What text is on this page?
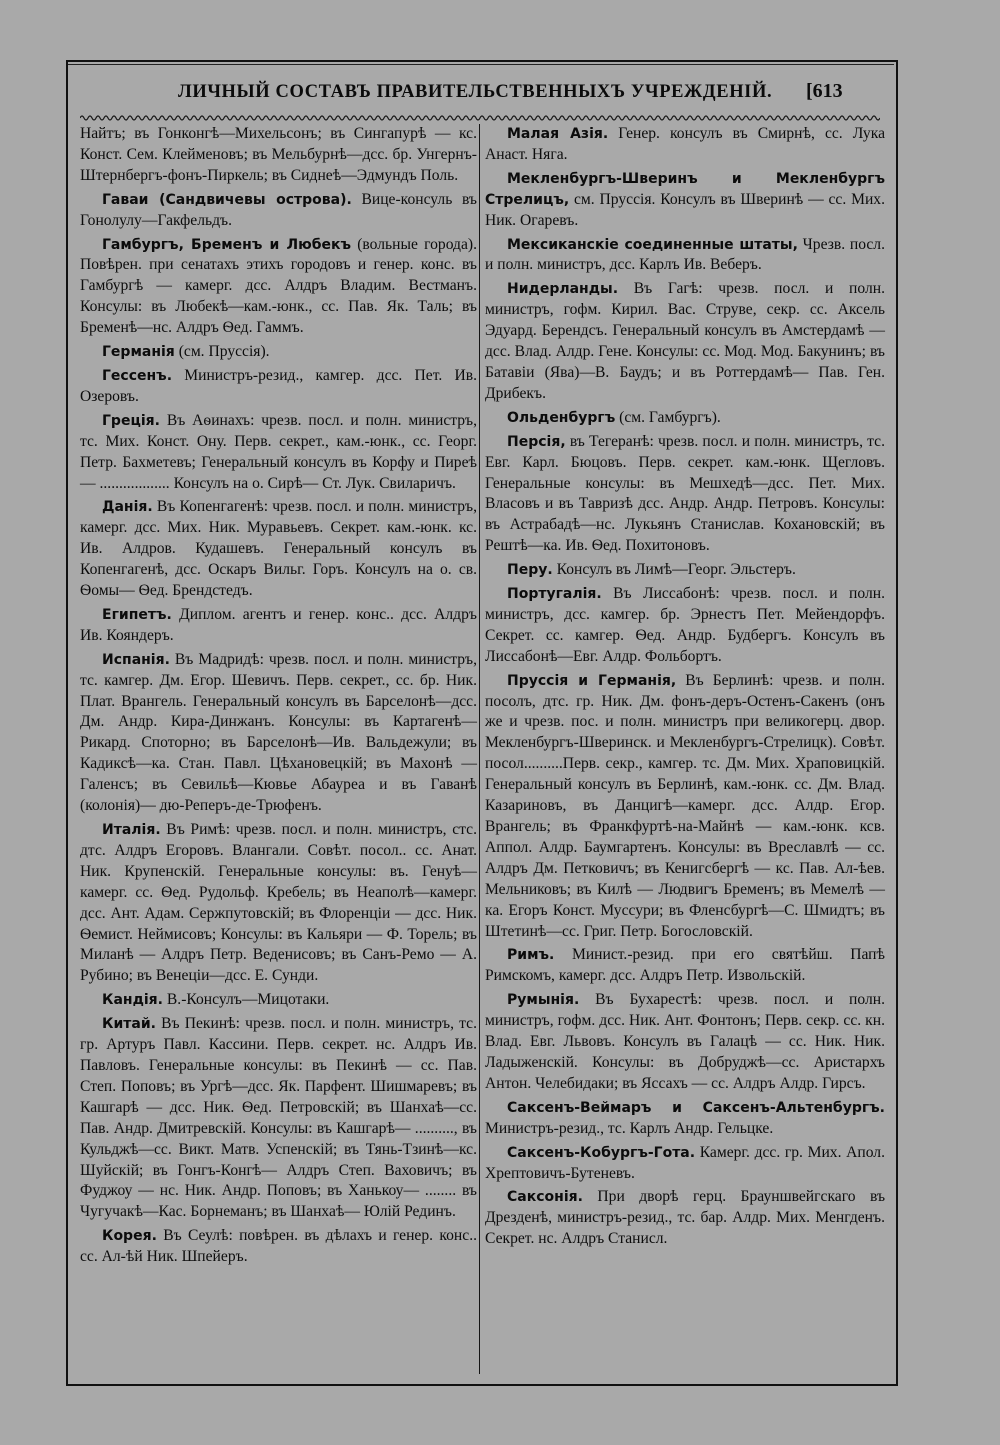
ЛИЧНЫЙ СОСТАВЪ ПРАВИТЕЛЬСТВЕННЫХЪ УЧРЕЖДЕНІЙ. [613

Найтъ; въ Гонконгѣ—Михельсонъ; въ Сингапурѣ — кс. Конст. Сем. Клейменовъ; въ Мельбурнѣ—дсс. бр. Унгернъ-Штернбергъ-фонъ-Пиркель; въ Сиднеѣ—Эдмундъ Поль.

Гаваи (Сандвичевы острова). Вице-консуль въ Гонолулу—Гакфельдъ.

Гамбургъ, Бременъ и Любекъ (вольные города). Повѣрен. при сенатахъ этихъ городовъ и генер. конс. въ Гамбургѣ — камерг. дсс. Алдръ Владим. Вестманъ. Консулы: въ Любекѣ—кам.-юнк., сс. Пав. Як. Таль; въ Бременѣ—нс. Алдръ Ѳед. Гаммъ.

Германія (см. Пруссія).

Гессенъ. Министръ-резид., камгер. дсс. Пет. Ив. Озеровъ.

Греція. Въ Аѳинахъ: чрезв. посл. и полн. министръ, тс. Мих. Конст. Ону. Перв. секрет., кам.-юнк., сс. Георг. Петр. Бахметевъ; Генеральный консулъ въ Корфу и Пиреѣ— .................. Консулъ на о. Сирѣ— Ст. Лук. Свиларичъ.

Данія. Въ Копенгагенѣ: чрезв. посл. и полн. министръ, камерг. дсс. Мих. Ник. Муравьевъ. Секрет. кам.-юнк. кс. Ив. Алдров. Кудашевъ. Генеральный консулъ въ Копенгагенѣ, дсс. Оскаръ Вильг. Горъ. Консулъ на о. св. Ѳомы— Ѳед. Брендстедъ.

Египетъ. Диплом. агентъ и генер. конс.. дсс. Алдръ Ив. Кояндеръ.

Испанія. Въ Мадридѣ: чрезв. посл. и полн. министръ, тс. камгер. Дм. Егор. Шевичъ. Перв. секрет., сс. бр. Ник. Плат. Врангель. Генеральный консулъ въ Барселонѣ—дсс. Дм. Андр. Кира-Динжанъ. Консулы: въ Картагенѣ—Рикард. Споторно; въ Барселонѣ—Ив. Вальдежули; въ Кадиксѣ—ка. Стан. Павл. Цѣхановецкій; въ Махонѣ — Галенсъ; въ Севильѣ—Кювье Абауреа и въ Гаванѣ (колонія)— дю-Реперъ-де-Трюфенъ.

Италія. Въ Римѣ: чрезв. посл. и полн. министръ, стс. дтс. Алдръ Егоровъ. Влангали. Совѣт. посол.. сс. Анат. Ник. Крупенскій. Генеральные консулы: въ. Генуѣ—камерг. сс. Ѳед. Рудольф. Кребель; въ Неаполѣ—камерг. дсс. Ант. Адам. Сержпутовскій; въ Флоренціи — дсс. Ник. Ѳемист. Неймисовъ; Консулы: въ Кальяри — Ф. Торель; въ Миланѣ — Алдръ Петр. Веденисовъ; въ Санъ-Ремо — А. Рубино; въ Венеціи—дсс. Е. Сунди.

Кандія. В.-Консулъ—Мицотаки.

Китай. Въ Пекинѣ: чрезв. посл. и полн. министръ, тс. гр. Артуръ Павл. Кассини. Перв. секрет. нс. Алдръ Ив. Павловъ. Генеральные консулы: въ Пекинѣ — сс. Пав. Степ. Поповъ; въ Ургѣ—дсс. Як. Парфент. Шишмаревъ; въ Кашгарѣ — дсс. Ник. Ѳед. Петровскій; въ Шанхаѣ—сс. Пав. Андр. Дмитревскій. Консулы: въ Кашгарѣ— .........., въ Кульджѣ—сс. Викт. Матв. Успенскій; въ Тянь-Тзинѣ—кс. Шуйскій; въ Гонгъ-Конгѣ— Алдръ Степ. Ваховичъ; въ Фуджоу — нс. Ник. Андр. Поповъ; въ Ханькоу— ........ въ Чугучакѣ—Кас. Борнеманъ; въ Шанхаѣ— Юлій Рединъ.

Корея. Въ Сеулѣ: повѣрен. въ дѣлахъ и генер. конс.. сс. Ал-ѣй Ник. Шпейеръ.

Малая Азія. Генер. консулъ въ Смирнѣ, сс. Лука Анаст. Няга.

Мекленбургъ-Шверинъ и Мекленбургъ Стрелицъ, см. Пруссія. Консулъ въ Шверинѣ — сс. Мих. Ник. Огаревъ.

Мексиканскіе соединенные штаты, Чрезв. посл. и полн. министръ, дсс. Карлъ Ив. Веберъ.

Нидерланды. Въ Гагѣ: чрезв. посл. и полн. министръ, гофм. Кирил. Вас. Струве, секр. сс. Аксель Эдуард. Берендсъ. Генеральный консулъ въ Амстердамѣ — дсс. Влад. Алдр. Гене. Консулы: сс. Мод. Мод. Бакунинъ; въ Батавіи (Ява)—В. Баудъ; и въ Роттердамѣ— Пав. Ген. Дрибекъ.

Ольденбургъ (см. Гамбургъ).

Персія, въ Тегеранѣ: чрезв. посл. и полн. министръ, тс. Евг. Карл. Бюцовъ. Перв. секрет. кам.-юнк. Щегловъ. Генеральные консулы: въ Мешхедѣ—дсс. Пет. Мих. Власовъ и въ Тавризѣ дсс. Андр. Андр. Петровъ. Консулы: въ Астрабадѣ—нс. Лукьянъ Станислав. Кохановскій; въ Рештѣ—ка. Ив. Ѳед. Похитоновъ.

Перу. Консулъ въ Лимѣ—Георг. Эльстеръ.

Португалія. Въ Лиссабонѣ: чрезв. посл. и полн. министръ, дсс. камгер. бр. Эрнестъ Пет. Мейендорфъ. Секрет. сс. камгер. Ѳед. Андр. Будбергъ. Консулъ въ Лиссабонѣ—Евг. Алдр. Фольбортъ.

Пруссія и Германія, Въ Берлинѣ: чрезв. и полн. посолъ, дтс. гр. Ник. Дм. фонъ-деръ-Остенъ-Сакенъ (онъ же и чрезв. пос. и полн. министръ при великогерц. двор. Мекленбургъ-Шверинск. и Мекленбургъ-Стрелицк). Совѣт. посол..........Перв. секр., камгер. тс. Дм. Мих. Храповицкій. Генеральный консулъ въ Берлинѣ, кам.-юнк. сс. Дм. Влад. Казариновъ, въ Данцигѣ—камерг. дсс. Алдр. Егор. Врангель; въ Франкфуртѣ-на-Майнѣ — кам.-юнк. ксв. Аппол. Алдр. Баумгартенъ. Консулы: въ Вреславлѣ — сс. Алдръ Дм. Петковичъ; въ Кенигсбергѣ — кс. Пав. Ал-ѣев. Мельниковъ; въ Килѣ — Людвигъ Бременъ; въ Мемелѣ — ка. Егоръ Конст. Муссури; въ Фленсбургѣ—С. Шмидтъ; въ Штетинѣ—сс. Григ. Петр. Богословскій.

Римъ. Минист.-резид. при его святѣйш. Папѣ Римскомъ, камерг. дсс. Алдръ Петр. Извольскій.

Румынія. Въ Бухарестѣ: чрезв. посл. и полн. министръ, гофм. дсс. Ник. Ант. Фонтонъ; Перв. секр. сс. кн. Влад. Евг. Львовъ. Консулъ въ Галацѣ — сс. Ник. Ник. Ладыженскій. Консулы: въ Добруджѣ—сс. Аристархъ Антон. Челебидаки; въ Яссахъ — сс. Алдръ Алдр. Гирсъ.

Саксенъ-Веймаръ и Саксенъ-Альтенбургъ. Министръ-резид., тс. Карлъ Андр. Гельцке.

Саксенъ-Кобургъ-Гота. Камерг. дсс. гр. Мих. Апол. Хрептовичъ-Бутеневъ.

Саксонія. При дворѣ герц. Брауншвейгскаго въ Дрезденѣ, министръ-резид., тс. бар. Алдр. Мих. Менгденъ. Секрет. нс. Алдръ Станисл.
